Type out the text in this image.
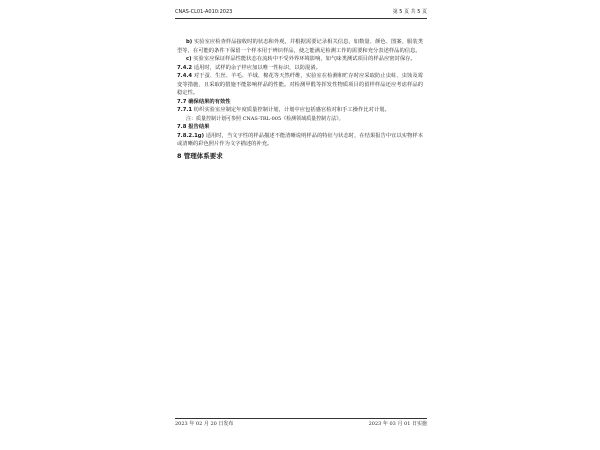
CNAS-CL01-A010:2023	第 5 页 共 5 页

b) 实验室应检查样品接收时的状态和外观，并根据需要记录相关信息，如数量、颜色、图案、服装类型等，在可能的条件下保留一个样本用于辨识样品，使之能满足检测工作的需要和充分表述样品的信息。

c) 实验室应保证样品性能状态在流转中不受外界环境影响，如气味类测试项目的样品应密封保存。

7.4.2 适用时，试样的余子样应加以唯一性标识，以防混淆。

7.4.4 对于蚕、生丝、羊毛、羊绒、棉花等天然纤维，实验室在检测和贮存时应采取防止虫蛀、虫蚀及霉变等措施，且采取的措施不能影响样品的性能。对检测甲醛等挥发性物质项目的留样样品还应考虑样品的稳定性。

7.7 确保结果的有效性

7.7.1 纺织实验室应制定年度质量控制计划，计划中应包括感官检对和手工操作比对计划。

注：质量控制计划可参照 CNAS-TRL-005《检测领域质量控制方法》。

7.8 报告结果

7.8.2.1g) 适用时，当文字性的样品描述不能清晰说明样品的特征与状态时，在结果报告中宜以实物样本或清晰的彩色照片作为文字描述的补充。

8 管理体系要求

2023 年 02 月 20 日发布	2023 年 03 月 01 日实施
